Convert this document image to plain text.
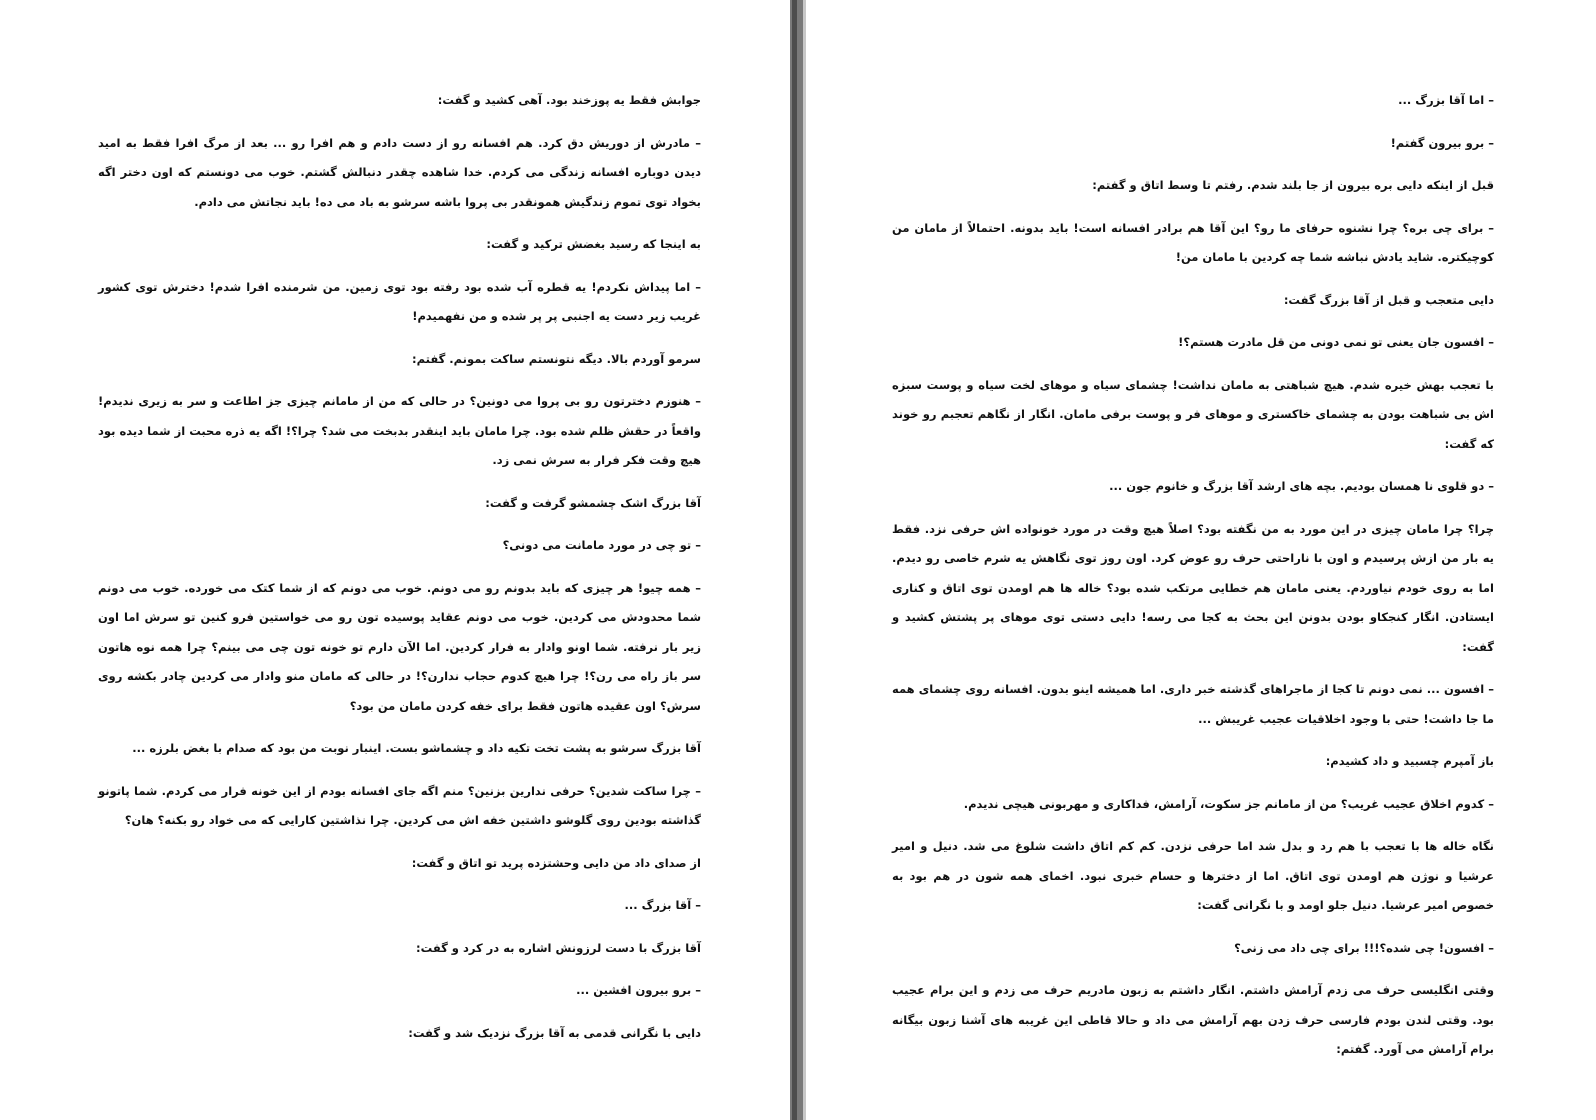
جوابش فقط یه پوزخند بود. آهی کشید و گفت:

– مادرش از دوریش دق کرد. هم افسانه رو از دست دادم و هم افرا رو ... بعد از مرگ افرا فقط به امید دیدن دوباره افسانه زندگی می کردم. خدا شاهده چقدر دنبالش گشتم. خوب می دونستم که اون دختر اگه بخواد توی تموم زندگیش همونقدر بی پروا باشه سرشو به باد می ده! باید نجاتش می دادم.

به اینجا که رسید بغضش ترکید و گفت:

– اما پیداش نکردم! یه قطره آب شده بود رفته بود توی زمین. من شرمنده افرا شدم! دخترش توی کشور غریب زیر دست یه اجنبی پر پر شده و من نفهمیدم!

سرمو آوردم بالا. دیگه نتونستم ساکت بمونم. گفتم:

– هنوزم دخترتون رو بی پروا می دونین؟ در حالی که من از مامانم چیزی جز اطاعت و سر به زیری ندیدم! واقعاً در حقش ظلم شده بود. چرا مامان باید اینقدر بدبخت می شد؟ چرا؟! اگه یه ذره محبت از شما دیده بود هیچ وقت فکر فرار به سرش نمی زد.

آقا بزرگ اشک چشمشو گرفت و گفت:

– تو چی در مورد مامانت می دونی؟

– همه چیو! هر چیزی که باید بدونم رو می دونم. خوب می دونم که از شما کتک می خورده. خوب می دونم شما محدودش می کردین. خوب می دونم عقاید پوسیده تون رو می خواستین فرو کنین تو سرش اما اون زیر بار نرفته. شما اونو وادار به فرار کردین. اما الآن دارم تو خونه تون چی می بینم؟ چرا همه نوه هاتون سر باز راه می رن؟! چرا هیچ کدوم حجاب ندارن؟! در حالی که مامان منو وادار می کردین چادر بکشه روی سرش؟ اون عقیده هاتون فقط برای خفه کردن مامان من بود؟

آقا بزرگ سرشو به پشت تخت تکیه داد و چشماشو بست. اینبار نوبت من بود که صدام با بغض بلرزه ...

– چرا ساکت شدین؟ حرفی ندارین بزنین؟ منم اگه جای افسانه بودم از این خونه فرار می کردم. شما پاتونو گذاشته بودین روی گلوشو داشتین خفه اش می کردین. چرا نذاشتین کارایی که می خواد رو بکنه؟ هان؟

از صدای داد من دایی وحشتزده پرید تو اتاق و گفت:

– آقا بزرگ ...

آقا بزرگ با دست لرزونش اشاره به در کرد و گفت:

– برو بیرون افشین ...

دایی با نگرانی قدمی به آقا بزرگ نزدیک شد و گفت:

– اما آقا بزرگ ...

– برو بیرون گفتم!

قبل از اینکه دایی بره بیرون از جا بلند شدم. رفتم تا وسط اتاق و گفتم:

– برای چی بره؟ چرا نشنوه حرفای ما رو؟ این آقا هم برادر افسانه است! باید بدونه. احتمالاً از مامان من کوچیکتره. شاید یادش نباشه شما چه کردین با مامان من!

دایی متعجب و قبل از آقا بزرگ گفت:

– افسون جان یعنی تو نمی دونی من قل مادرت هستم؟!

با تعجب بهش خیره شدم. هیچ شباهتی به مامان نداشت! چشمای سیاه و موهای لخت سیاه و پوست سبزه اش بی شباهت بودن به چشمای خاکستری و موهای فر و پوست برفی مامان. انگار از نگاهم تعجبم رو خوند که گفت:

– دو قلوی نا همسان بودیم. بچه های ارشد آقا بزرگ و خانوم جون ...

چرا؟ چرا مامان چیزی در این مورد به من نگفته بود؟ اصلاً هیچ وقت در مورد خونواده اش حرفی نزد. فقط یه بار من ازش پرسیدم و اون با ناراحتی حرف رو عوض کرد. اون روز توی نگاهش یه شرم خاصی رو دیدم. اما به روی خودم نیاوردم. یعنی مامان هم خطایی مرتکب شده بود؟ خاله ها هم اومدن توی اتاق و کناری ایستادن. انگار کنجکاو بودن بدونن این بحث به کجا می رسه! دایی دستی توی موهای پر پشتش کشید و گفت:

– افسون ... نمی دونم تا کجا از ماجراهای گذشته خبر داری. اما همیشه اینو بدون. افسانه روی چشمای همه ما جا داشت! حتی با وجود اخلاقیات عجیب غریبش ...

باز آمپرم چسبید و داد کشیدم:

– کدوم اخلاق عجیب غریب؟ من از مامانم جز سکوت، آرامش، فداکاری و مهربونی هیچی ندیدم.

نگاه خاله ها با تعجب با هم رد و بدل شد اما حرفی نزدن. کم کم اتاق داشت شلوغ می شد. دنیل و امیر عرشیا و نوژن هم اومدن توی اتاق. اما از دخترها و حسام خبری نبود. اخمای همه شون در هم بود به خصوص امیر عرشیا. دنیل جلو اومد و با نگرانی گفت:

– افسون! چی شده؟!!! برای چی داد می زنی؟

وقتی انگلیسی حرف می زدم آرامش داشتم. انگار داشتم به زبون مادریم حرف می زدم و این برام عجیب بود. وقتی لندن بودم فارسی حرف زدن بهم آرامش می داد و حالا قاطی این غریبه های آشنا زبون بیگانه برام آرامش می آورد. گفتم:
